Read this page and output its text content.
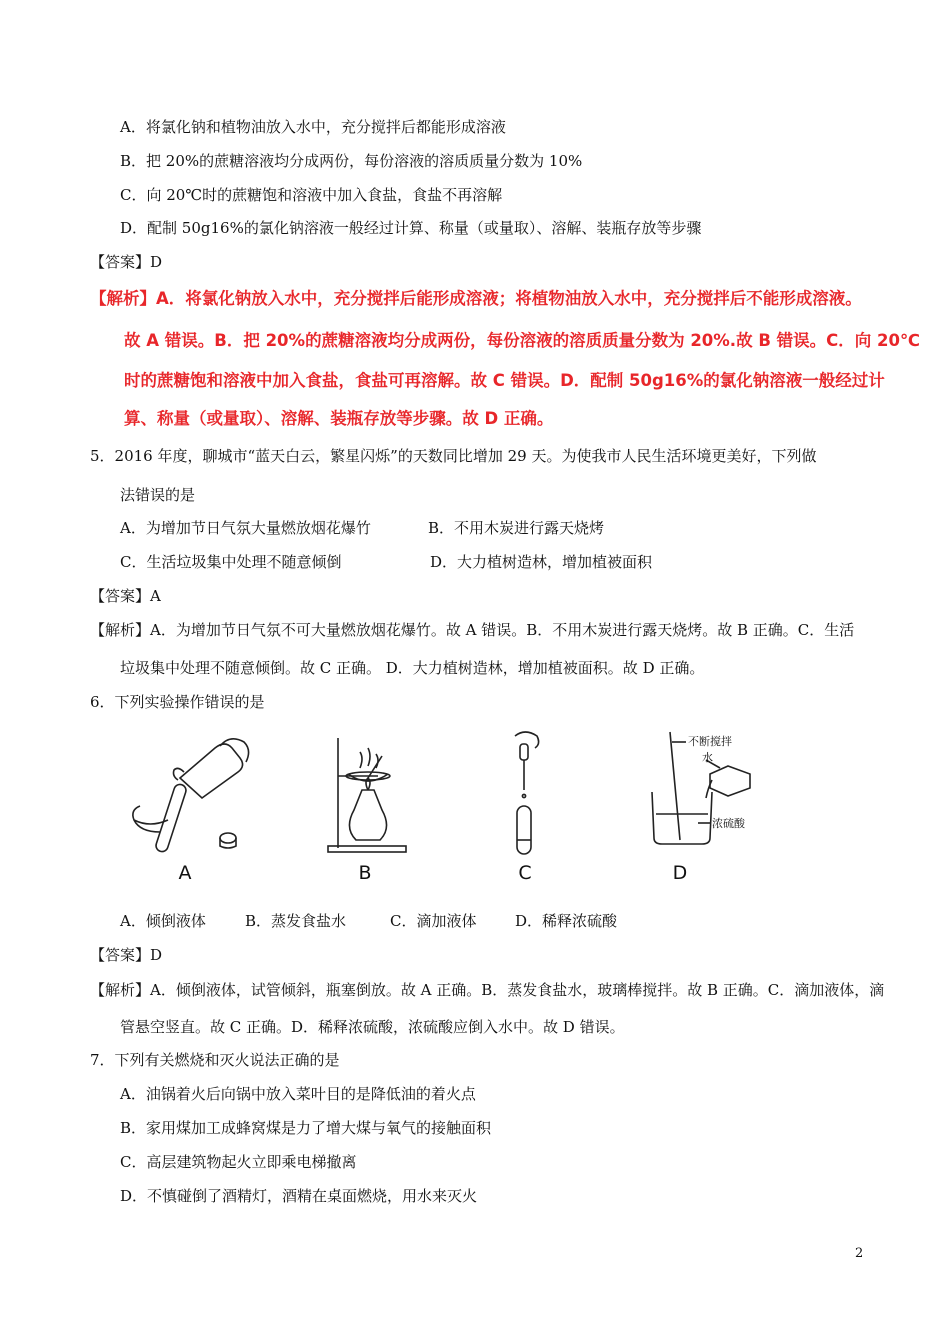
A．将氯化钠和植物油放入水中，充分搅拌后都能形成溶液
B．把 20%的蔗糖溶液均分成两份，每份溶液的溶质质量分数为 10%
C．向 20℃时的蔗糖饱和溶液中加入食盐，食盐不再溶解
D．配制 50g16%的氯化钠溶液一般经过计算、称量（或量取）、溶解、装瓶存放等步骤
【答案】D
【解析】A．将氯化钠放入水中，充分搅拌后能形成溶液；将植物油放入水中，充分搅拌后不能形成溶液。
故 A 错误。B．把 20%的蔗糖溶液均分成两份，每份溶液的溶质质量分数为 20%.故 B 错误。C．向 20℃
时的蔗糖饱和溶液中加入食盐，食盐可再溶解。故 C 错误。D．配制 50g16%的氯化钠溶液一般经过计
算、称量（或量取）、溶解、装瓶存放等步骤。故 D 正确。
5．2016 年度，聊城市“蓝天白云，繁星闪烁”的天数同比增加 29 天。为使我市人民生活环境更美好，下列做
法错误的是
A．为增加节日气氛大量燃放烟花爆竹	B．不用木炭进行露天烧烤
C．生活垃圾集中处理不随意倾倒	D．大力植树造林，增加植被面积
【答案】A
【解析】A．为增加节日气氛不可大量燃放烟花爆竹。故 A 错误。B．不用木炭进行露天烧烤。故 B 正确。C．生活
垃圾集中处理不随意倾倒。故 C 正确。 D．大力植树造林，增加植被面积。故 D 正确。
6．下列实验操作错误的是
A	B	C
不断搅拌
水
浓硫酸
D
A．倾倒液体	B．蒸发食盐水	C．滴加液体	D．稀释浓硫酸
【答案】D
【解析】A．倾倒液体，试管倾斜，瓶塞倒放。故 A 正确。B．蒸发食盐水，玻璃棒搅拌。故 B 正确。C．滴加液体，滴
管悬空竖直。故 C 正确。D．稀释浓硫酸，浓硫酸应倒入水中。故 D 错误。
7．下列有关燃烧和灭火说法正确的是
A．油锅着火后向锅中放入菜叶目的是降低油的着火点
B．家用煤加工成蜂窝煤是力了增大煤与氧气的接触面积
C．高层建筑物起火立即乘电梯撤离
D．不慎碰倒了酒精灯，酒精在桌面燃烧，用水来灭火
2
